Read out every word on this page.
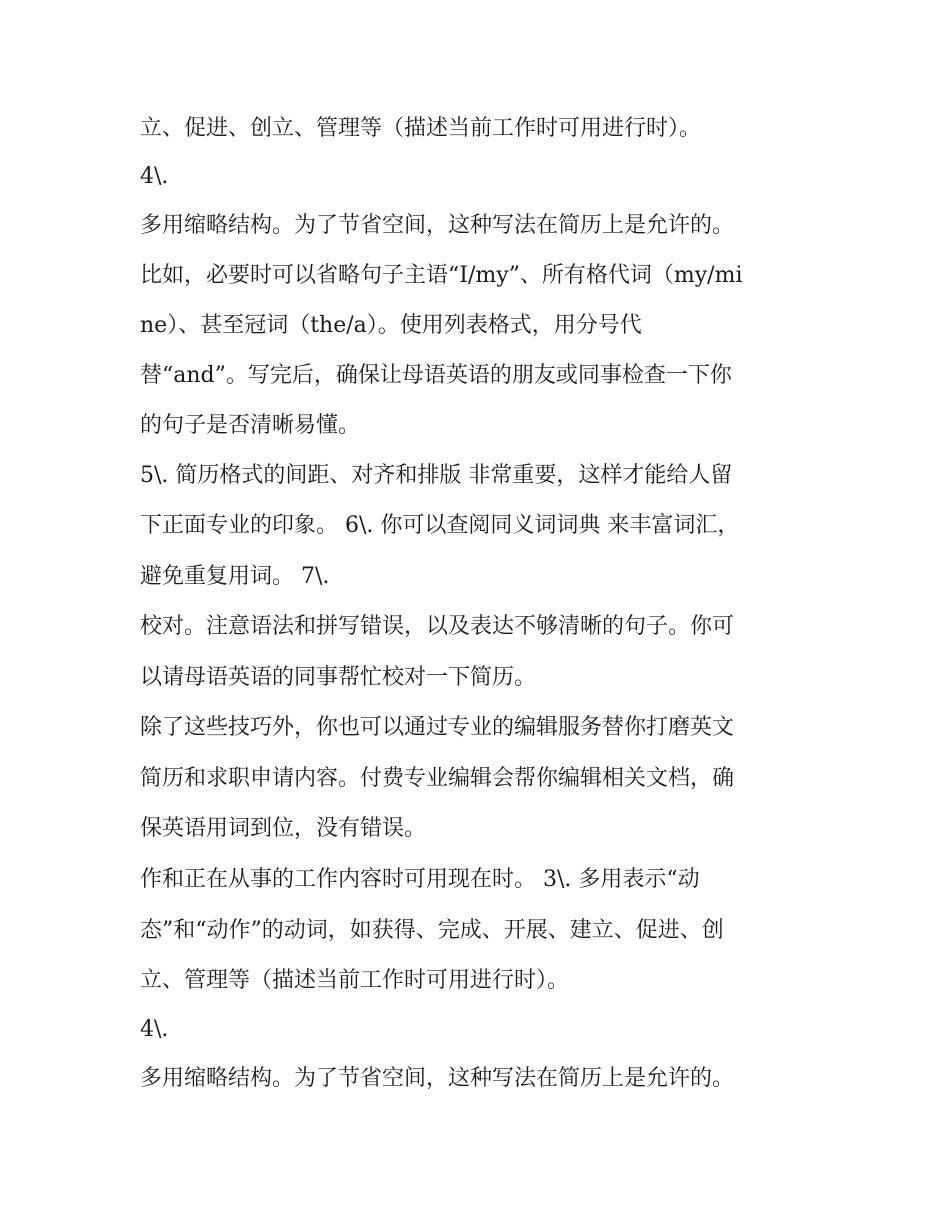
立、促进、创立、管理等（描述当前工作时可用进行时）。
4\.
多用缩略结构。为了节省空间，这种写法在简历上是允许的。
比如，必要时可以省略句子主语“I/my”、所有格代词（my/mi
ne）、甚至冠词（the/a）。使用列表格式，用分号代
替“and”。写完后，确保让母语英语的朋友或同事检查一下你
的句子是否清晰易懂。
5\. 简历格式的间距、对齐和排版 非常重要，这样才能给人留
下正面专业的印象。 6\. 你可以查阅同义词词典 来丰富词汇，
避免重复用词。 7\.
校对。注意语法和拼写错误，以及表达不够清晰的句子。你可
以请母语英语的同事帮忙校对一下简历。
除了这些技巧外，你也可以通过专业的编辑服务替你打磨英文
简历和求职申请内容。付费专业编辑会帮你编辑相关文档，确
保英语用词到位，没有错误。
作和正在从事的工作内容时可用现在时。 3\. 多用表示“动
态”和“动作”的动词，如获得、完成、开展、建立、促进、创
立、管理等（描述当前工作时可用进行时）。
4\.
多用缩略结构。为了节省空间，这种写法在简历上是允许的。
